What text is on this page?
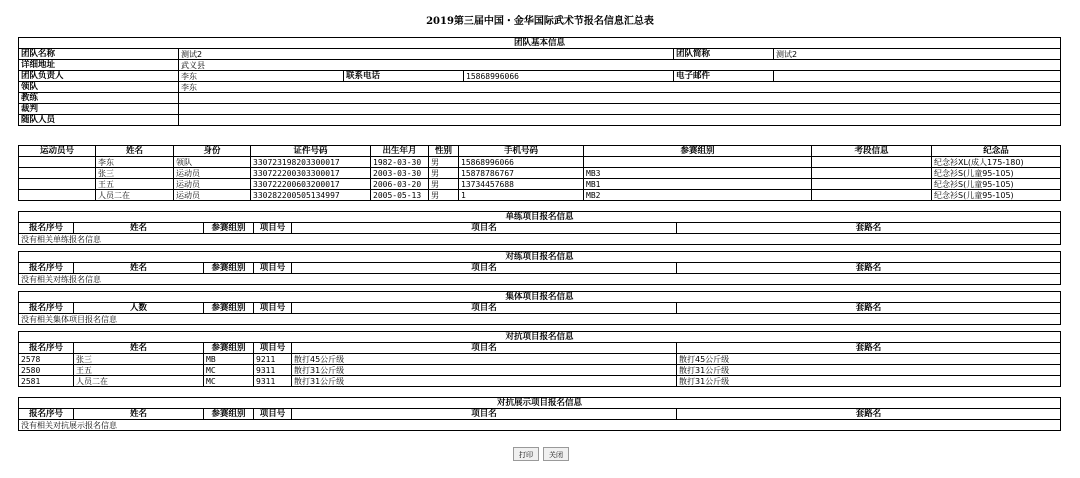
2019第三届中国・金华国际武术节报名信息汇总表
团队基本信息					
团队名称	测试2			团队简称	测试2
详细地址	武义县				
团队负责人	李东	联系电话	15868996066	电子邮件	
领队	李东				
教练					
裁判					
随队人员					
运动员号	姓名	身份	证件号码	出生年月	性别	手机号码	参赛组别	考段信息	纪念品
	李东	领队	330723198203300017	1982-03-30	男	15868996066			纪念衫XL(成人175-180)
	张三	运动员	330722200303300017	2003-03-30	男	15878786767	MB3		纪念衫S(儿童95-105)
	王五	运动员	330722200603200017	2006-03-20	男	13734457688	MB1		纪念衫S(儿童95-105)
	人员二在	运动员	330282200505134997	2005-05-13	男	1	MB2		纪念衫S(儿童95-105)
单练项目报名信息
报名序号	姓名	参赛组别	项目号	项目名	套路名
没有相关单练报名信息
对练项目报名信息
报名序号	姓名	参赛组别	项目号	项目名	套路名
没有相关对练报名信息
集体项目报名信息
报名序号	人数	参赛组别	项目号	项目名	套路名
没有相关集体项目报名信息
对抗项目报名信息					
报名序号	姓名	参赛组别	项目号	项目名	套路名
2578	张三	MB	9211	散打45公斤级	散打45公斤级
2580	王五	MC	9311	散打31公斤级	散打31公斤级
2581	人员二在	MC	9311	散打31公斤级	散打31公斤级
对抗展示项目报名信息
报名序号	姓名	参赛组别	项目号	项目名	套路名
没有相关对抗展示报名信息
打印	关闭
